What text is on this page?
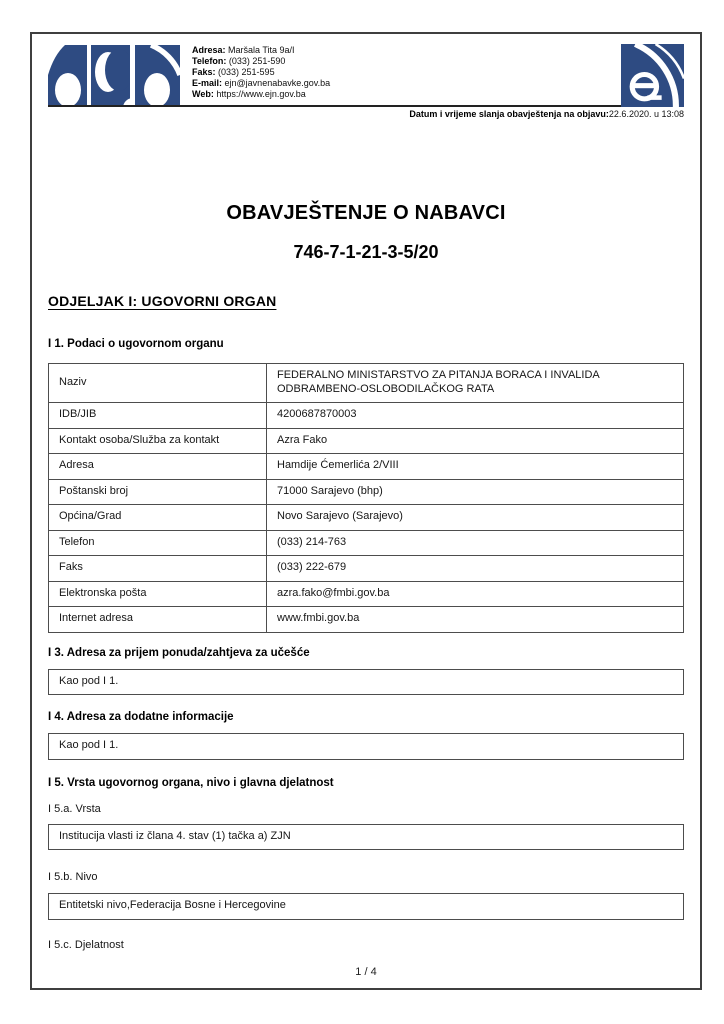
Adresa: Maršala Tita 9a/I
Telefon: (033) 251-590
Faks: (033) 251-595
E-mail: ejn@javnenabavke.gov.ba
Web: https://www.ejn.gov.ba
Datum i vrijeme slanja obavještenja na objavu:22.6.2020. u 13:08
OBAVJEŠTENJE O NABAVCI
746-7-1-21-3-5/20
ODJELJAK I: UGOVORNI ORGAN
I 1. Podaci o ugovornom organu
Naziv	FEDERALNO MINISTARSTVO ZA PITANJA BORACA I INVALIDA ODBRAMBENO-OSLOBODILAČKOG RATA
IDB/JIB	4200687870003
Kontakt osoba/Služba za kontakt	Azra Fako
Adresa	Hamdije Ćemerlića 2/VIII
Poštanski broj	71000 Sarajevo (bhp)
Općina/Grad	Novo Sarajevo (Sarajevo)
Telefon	(033) 214-763
Faks	(033) 222-679
Elektronska pošta	azra.fako@fmbi.gov.ba
Internet adresa	www.fmbi.gov.ba
I 3. Adresa za prijem ponuda/zahtjeva za učešće
Kao pod I 1.
I 4. Adresa za dodatne informacije
Kao pod I 1.
I 5. Vrsta ugovornog organa, nivo i glavna djelatnost
I 5.a. Vrsta
Institucija vlasti iz člana 4. stav (1) tačka a) ZJN
I 5.b. Nivo
Entitetski nivo,Federacija Bosne i Hercegovine
I 5.c. Djelatnost
1 / 4
